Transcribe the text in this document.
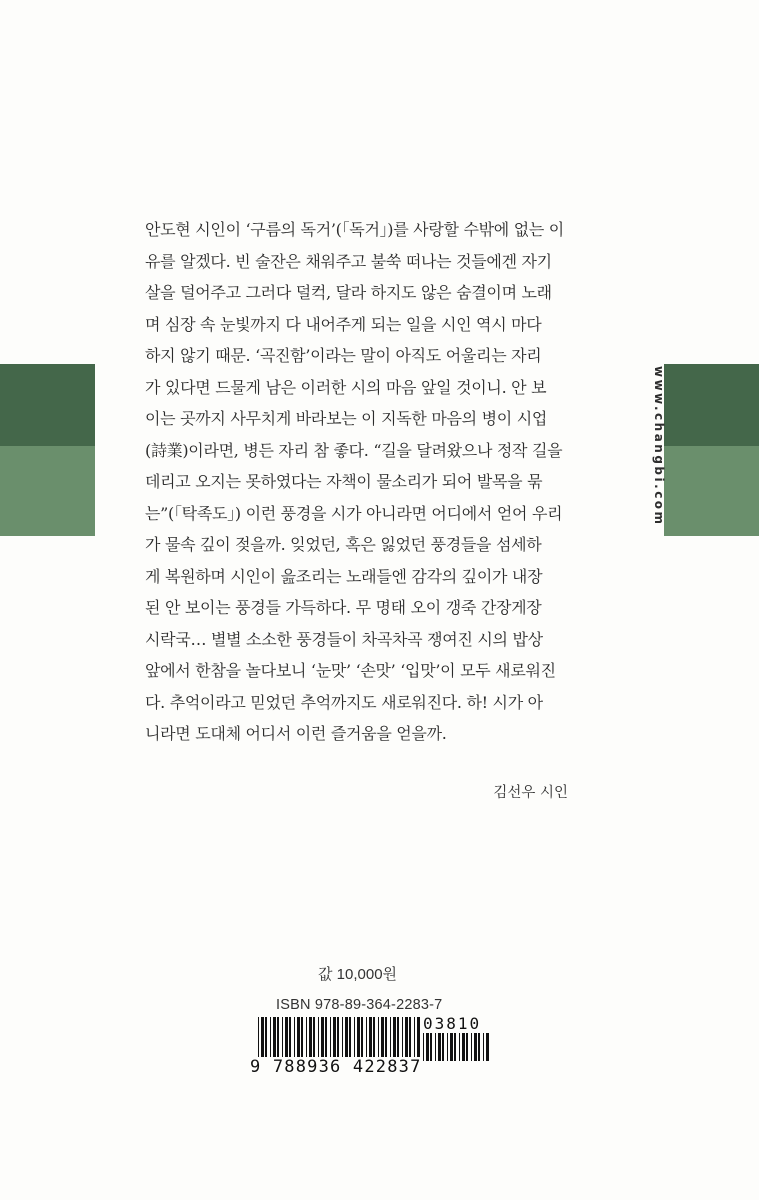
www.changbi.com

안도현 시인이 ‘구름의 독거’(「독거」)를 사랑할 수밖에 없는 이

유를 알겠다. 빈 술잔은 채워주고 불쑥 떠나는 것들에겐 자기

살을 덜어주고 그러다 덜컥, 달라 하지도 않은 숨결이며 노래

며 심장 속 눈빛까지 다 내어주게 되는 일을 시인 역시 마다

하지 않기 때문. ‘곡진함’이라는 말이 아직도 어울리는 자리

가 있다면 드물게 남은 이러한 시의 마음 앞일 것이니. 안 보

이는 곳까지 사무치게 바라보는 이 지독한 마음의 병이 시업

(詩業)이라면, 병든 자리 참 좋다. “길을 달려왔으나 정작 길을

데리고 오지는 못하였다는 자책이 물소리가 되어 발목을 묶

는”(「탁족도」) 이런 풍경을 시가 아니라면 어디에서 얻어 우리

가 물속 깊이 젖을까. 잊었던, 혹은 잃었던 풍경들을 섬세하

게 복원하며 시인이 읊조리는 노래들엔 감각의 깊이가 내장

된 안 보이는 풍경들 가득하다. 무 명태 오이 갱죽 간장게장

시락국… 별별 소소한 풍경들이 차곡차곡 쟁여진 시의 밥상

앞에서 한참을 놀다보니 ‘눈맛’ ‘손맛’ ‘입맛’이 모두 새로워진

다. 추억이라고 믿었던 추억까지도 새로워진다. 하! 시가 아

니라면 도대체 어디서 이런 즐거움을 얻을까.

김선우 시인
값 10,000원
ISBN 978-89-364-2283-7
9 788936 422837
03810
